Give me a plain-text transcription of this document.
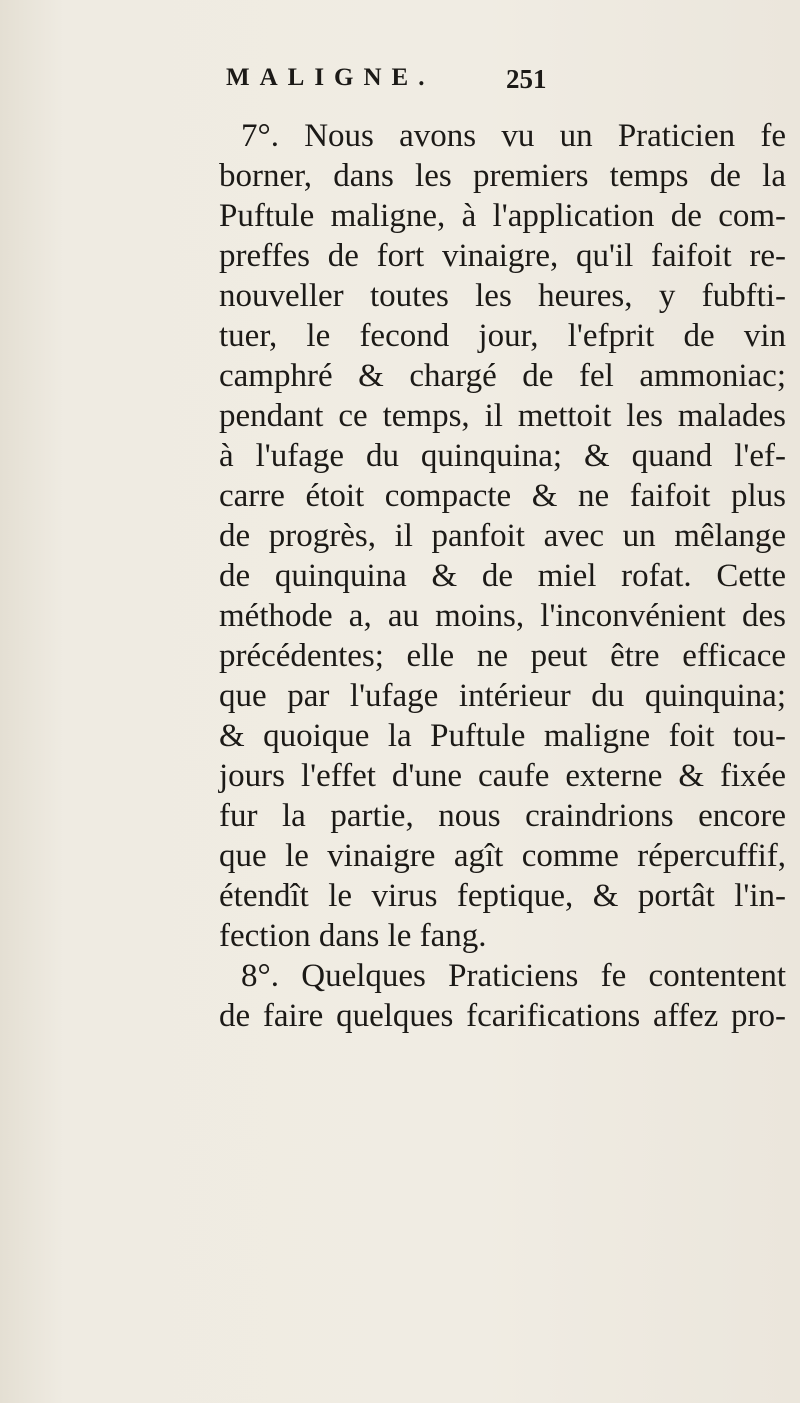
MALIGNE.	251
7°. Nous avons vu un Praticien fe
borner, dans les premiers temps de la
Puftule maligne, à l'application de com-
preffes de fort vinaigre, qu'il faifoit re-
nouveller toutes les heures, y fubfti-
tuer, le fecond jour, l'efprit de vin
camphré & chargé de fel ammoniac;
pendant ce temps, il mettoit les malades
à l'ufage du quinquina; & quand l'ef-
carre étoit compacte & ne faifoit plus
de progrès, il panfoit avec un mêlange
de quinquina & de miel rofat. Cette
méthode a, au moins, l'inconvénient des
précédentes; elle ne peut être efficace
que par l'ufage intérieur du quinquina;
& quoique la Puftule maligne foit tou-
jours l'effet d'une caufe externe & fixée
fur la partie, nous craindrions encore
que le vinaigre agît comme répercuffif,
étendît le virus feptique, & portât l'in-
fection dans le fang.
8°. Quelques Praticiens fe contentent
de faire quelques fcarifications affez pro-
